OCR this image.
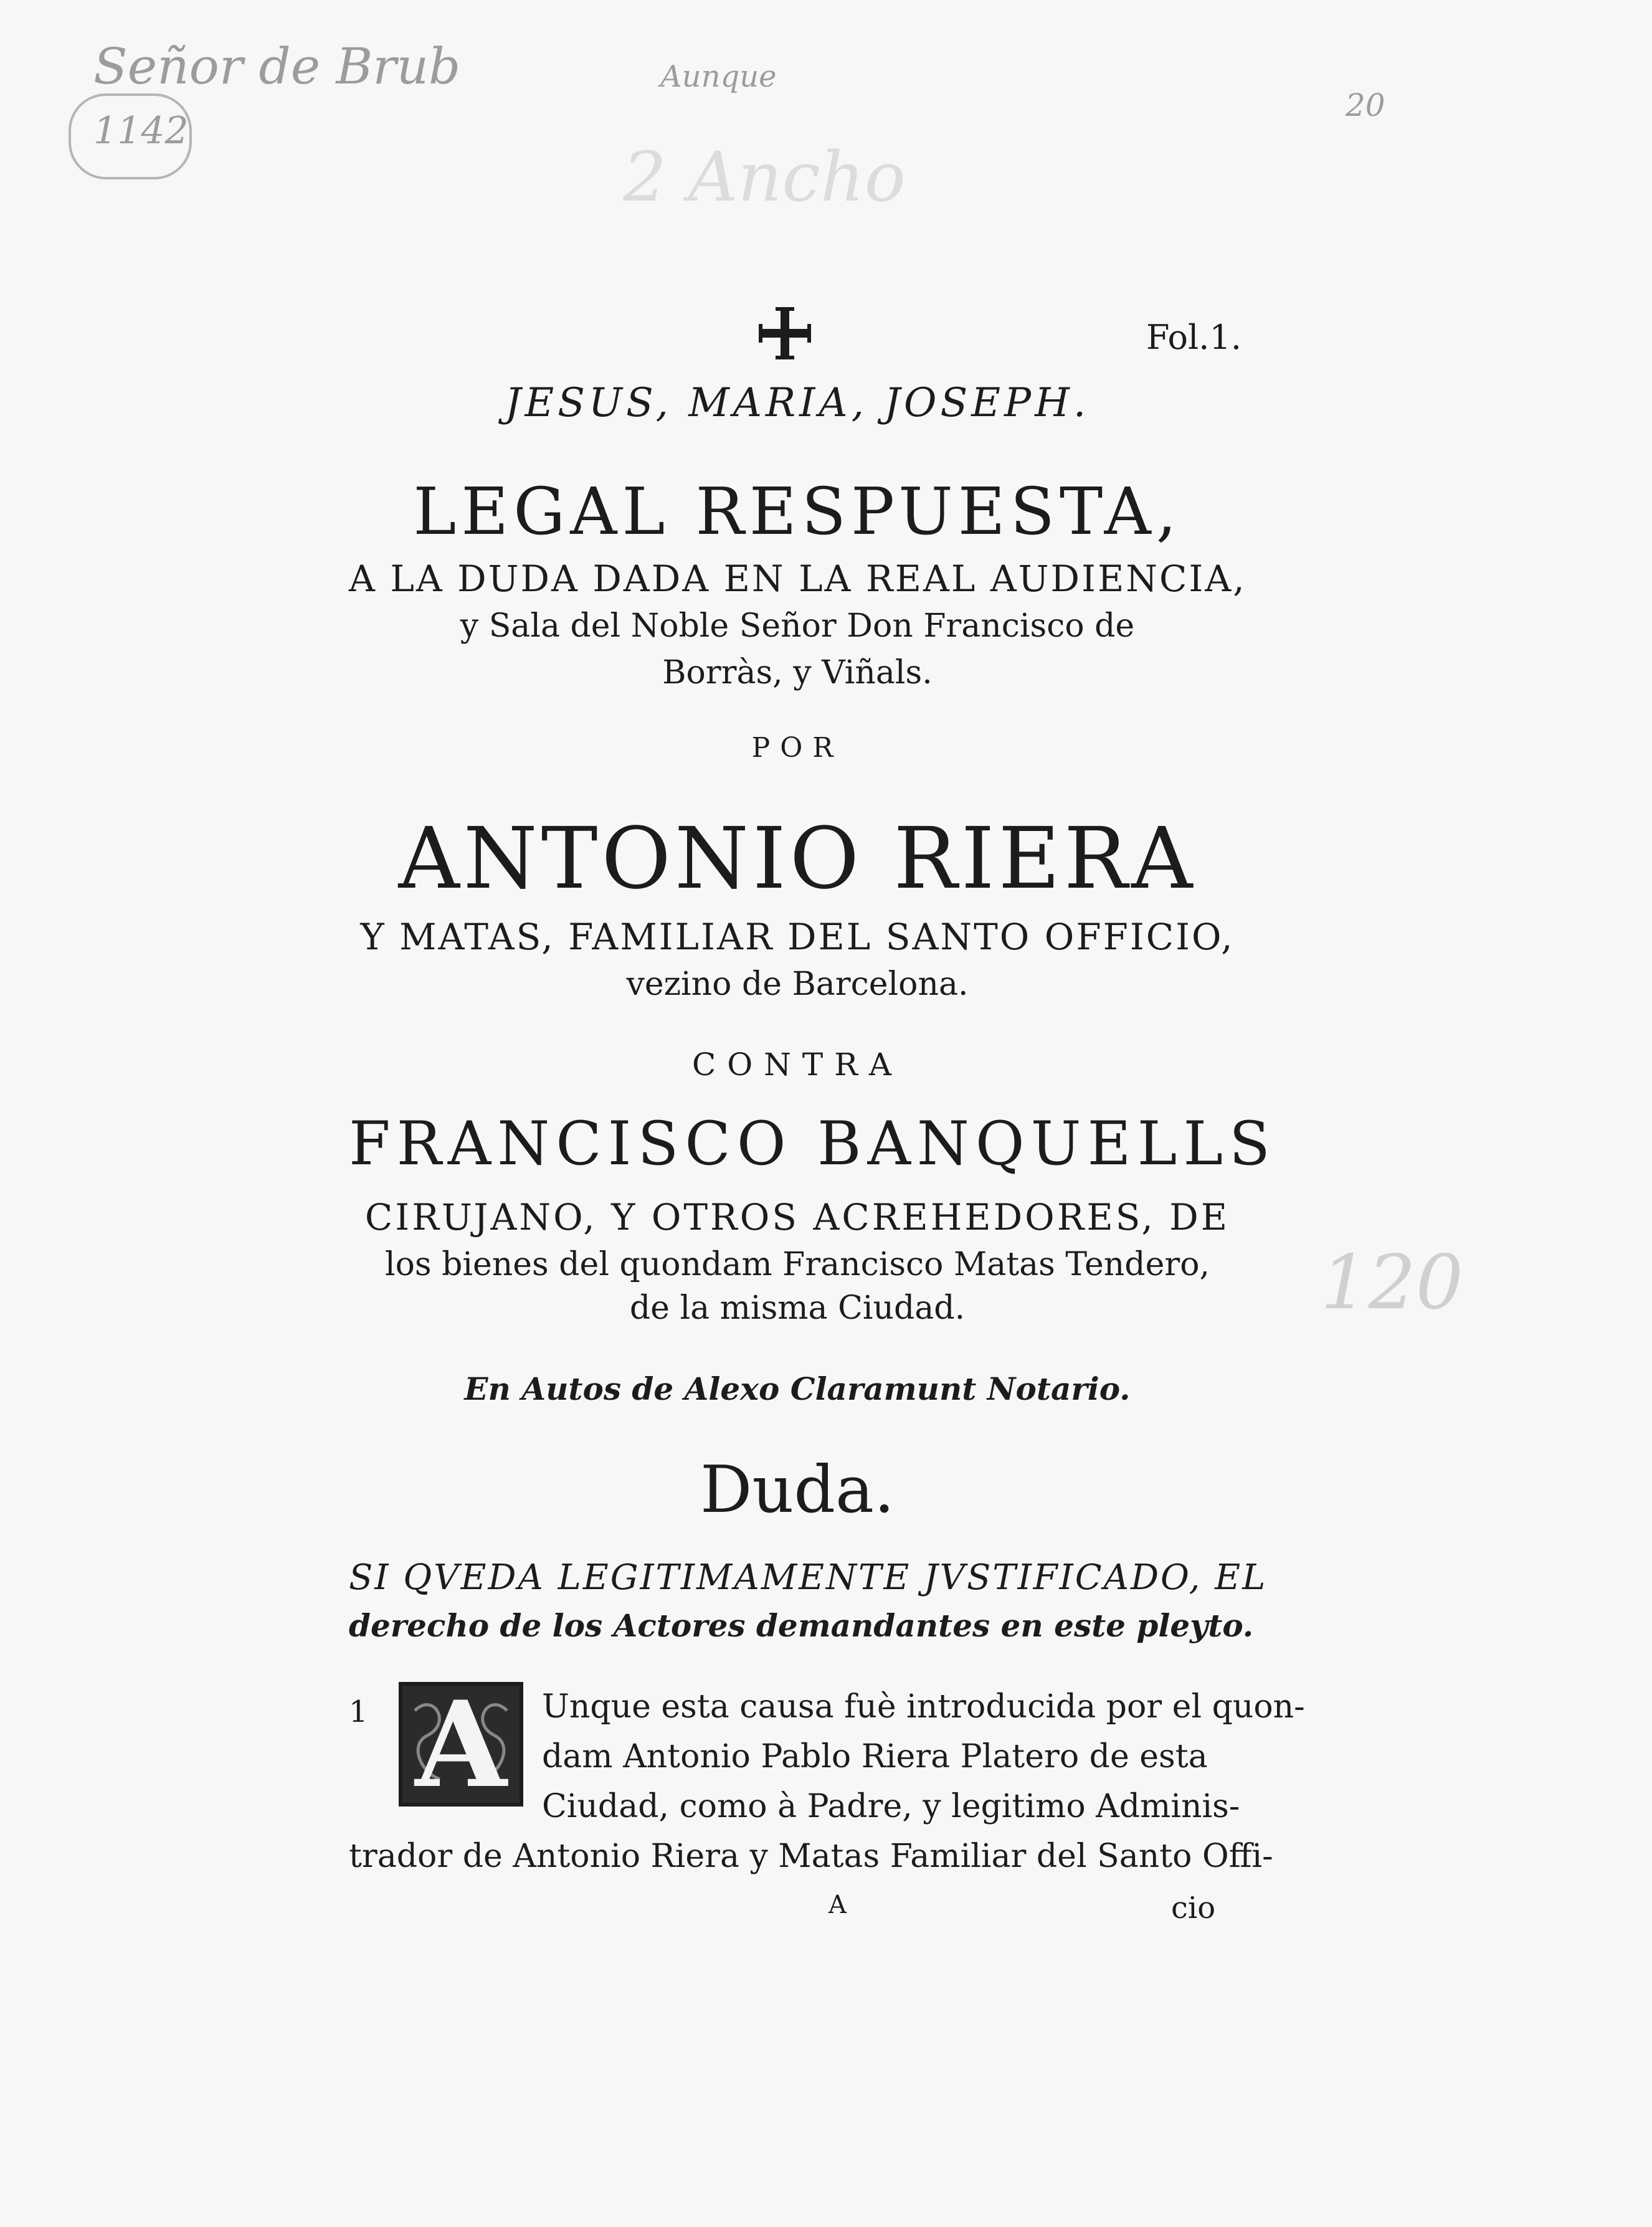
Señor de Brub	Aunque
20
1142
2 Ancho
120
Fol.1.
JESUS, MARIA, JOSEPH.
LEGAL RESPUESTA,
A LA DUDA DADA EN LA REAL AUDIENCIA,
y Sala del Noble Señor Don Francisco de
Borràs, y Viñals.
POR
ANTONIO RIERA
Y MATAS, FAMILIAR DEL SANTO OFFICIO,
vezino de Barcelona.
CONTRA
FRANCISCO BANQUELLS
CIRUJANO, Y OTROS ACREHEDORES, DE
los bienes del quondam Francisco Matas Tendero,
de la misma Ciudad.
En Autos de Alexo Claramunt Notario.
Duda.
SI QVEDA LEGITIMAMENTE JVSTIFICADO, EL
derecho de los Actores demandantes en este pleyto.
1 A	Unque esta causa fuè introducida por el quon-
dam Antonio Pablo Riera Platero de esta
Ciudad, como à Padre, y legitimo Adminis-
trador de Antonio Riera y Matas Familiar del Santo Offi-
A	cio
